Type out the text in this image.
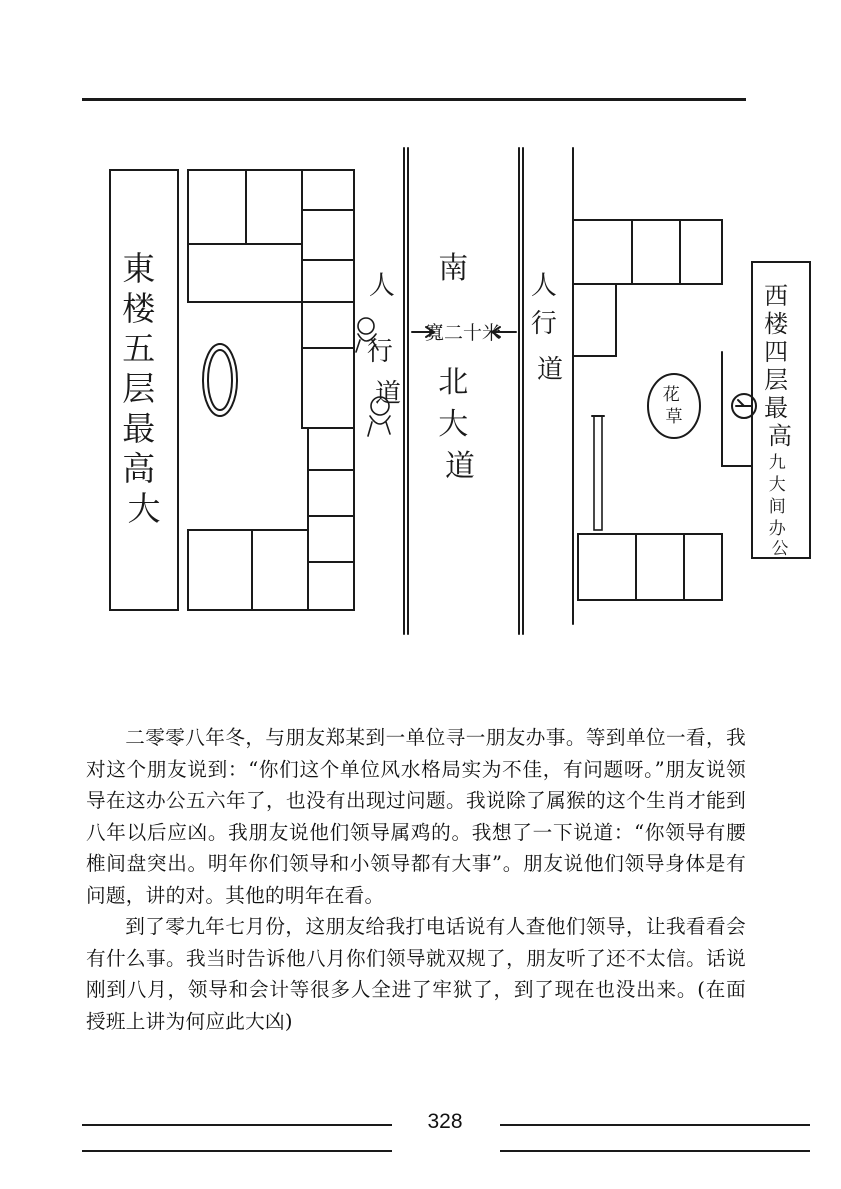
東 楼 五 层 最 高 大
人 行 道
南 北 大 道
寬二十米
人 行 道
花 草
西 楼 四 层 最 高
九 大 间 办 公

二零零八年冬，与朋友郑某到一单位寻一朋友办事。等到单位一看，我对这个朋友说到：“你们这个单位风水格局实为不佳，有问题呀。”朋友说领导在这办公五六年了，也没有出现过问题。我说除了属猴的这个生肖才能到八年以后应凶。我朋友说他们领导属鸡的。我想了一下说道：“你领导有腰椎间盘突出。明年你们领导和小领导都有大事”。朋友说他们领导身体是有问题，讲的对。其他的明年在看。

到了零九年七月份，这朋友给我打电话说有人查他们领导，让我看看会有什么事。我当时告诉他八月你们领导就双规了，朋友听了还不太信。话说刚到八月，领导和会计等很多人全进了牢狱了，到了现在也没出来。(在面授班上讲为何应此大凶)

328
